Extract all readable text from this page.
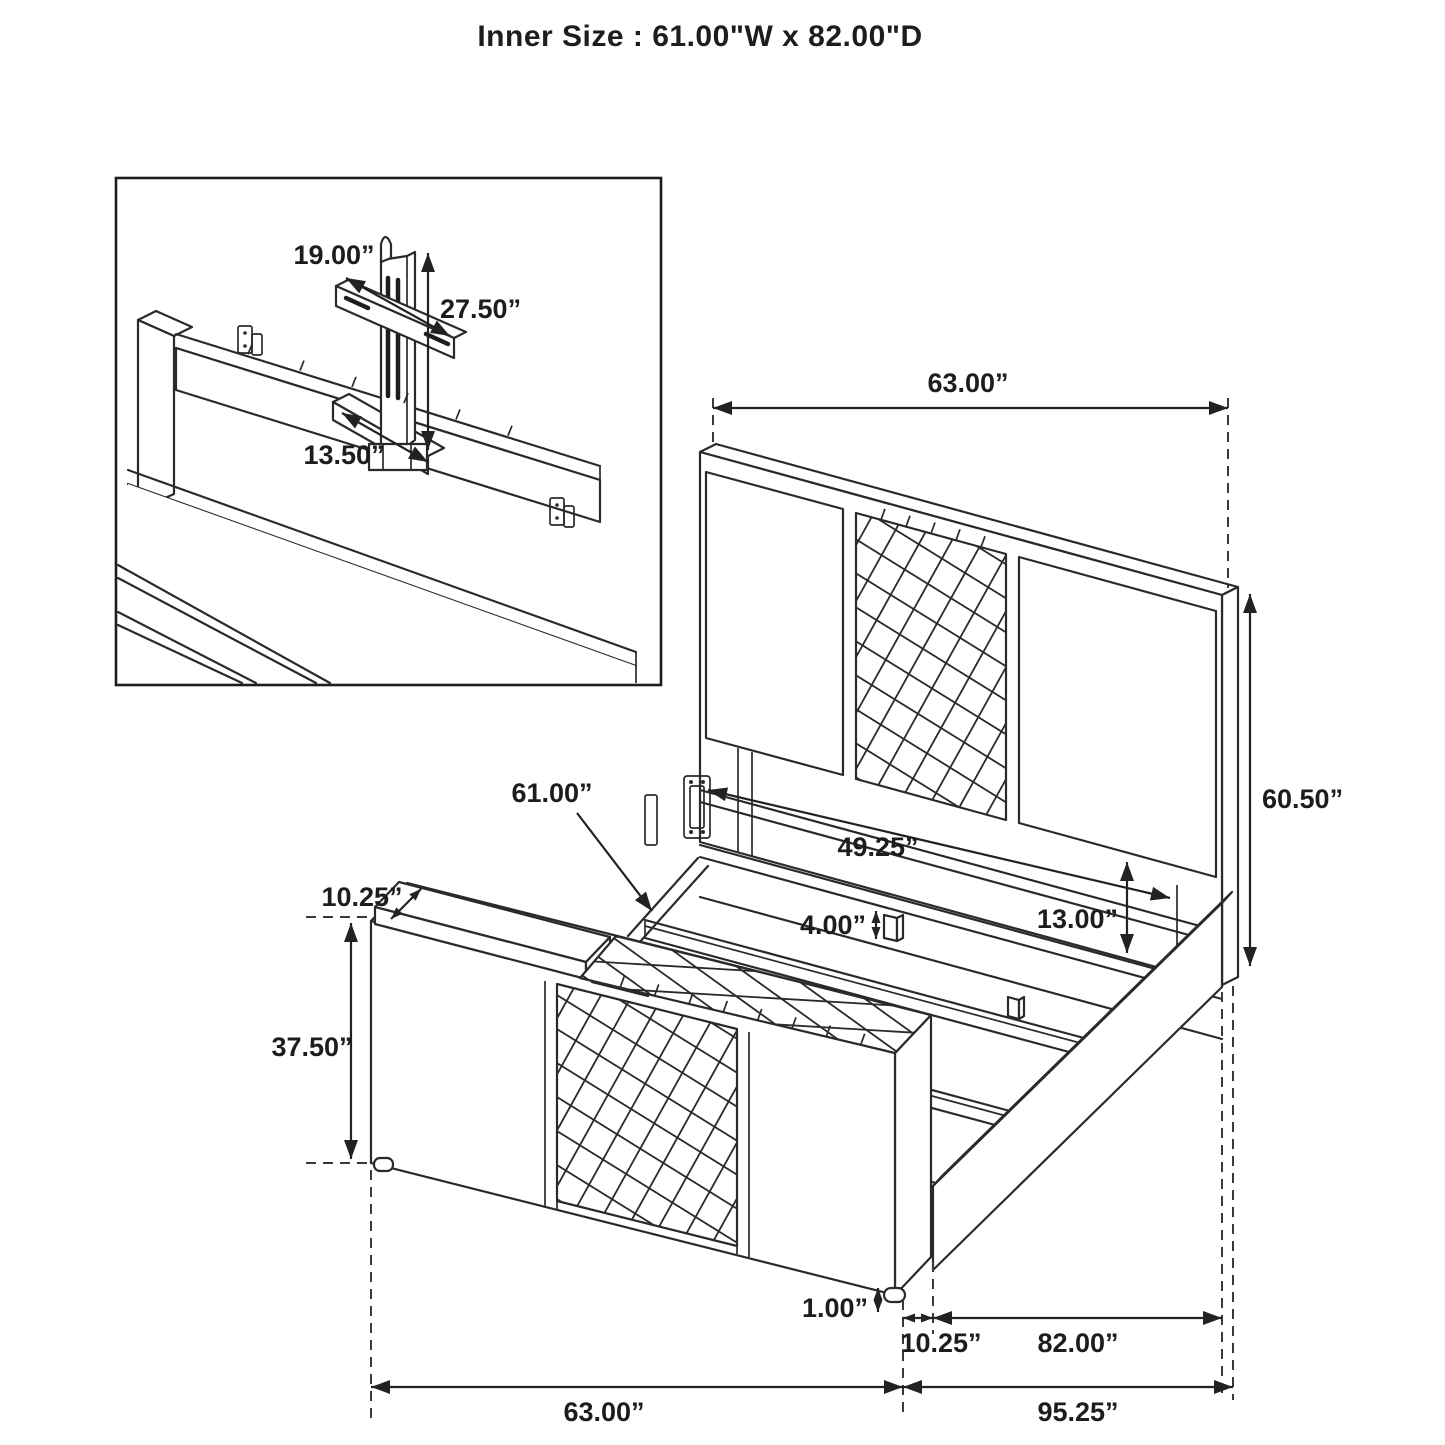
Inner Size : 61.00"W x 82.00"D
19.00”
27.50”
13.50”
63.00”
60.50”
61.00”
49.25”
13.00”
4.00”
10.25”
37.50”
1.00”
10.25” 82.00”
63.00”	95.25”
